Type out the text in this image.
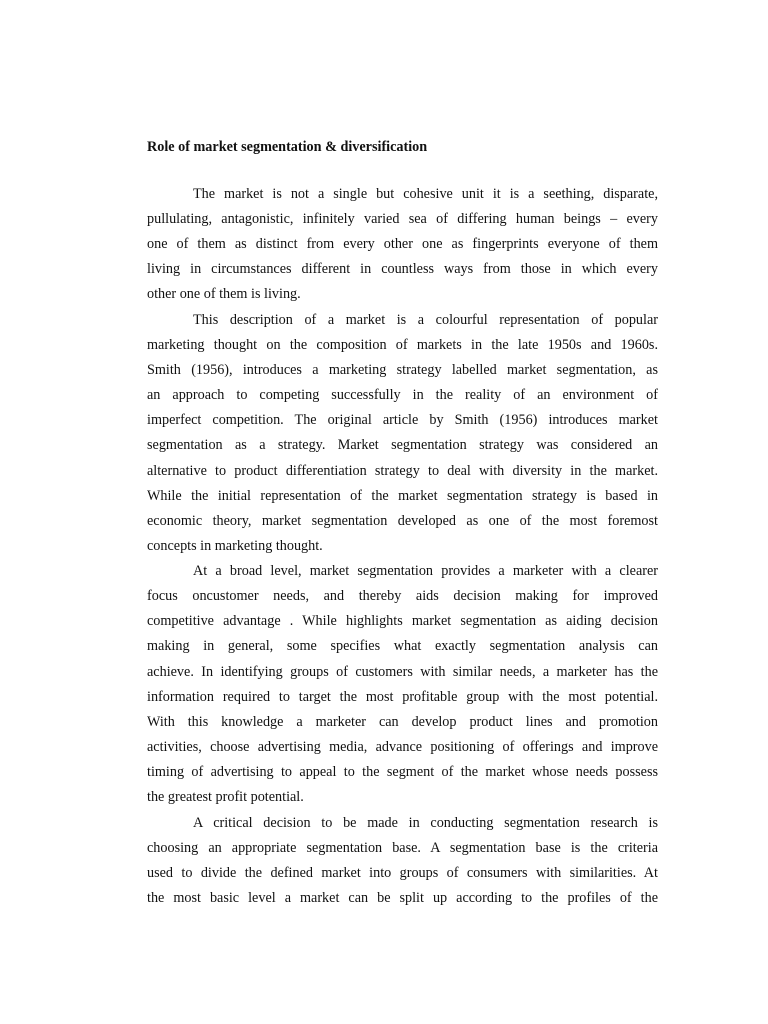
Role of market segmentation & diversification
The market is not a single but cohesive unit it is a seething, disparate,
pullulating, antagonistic, infinitely varied sea of differing human beings – every
one of them as distinct from every other one as fingerprints everyone of them
living in circumstances different in countless ways from those in which every
other one of them is living.
This description of a market is a colourful representation of popular
marketing thought on the composition of markets in the late 1950s and 1960s.
Smith (1956), introduces a marketing strategy labelled market segmentation, as
an approach to competing successfully in the reality of an environment of
imperfect competition. The original article by Smith (1956) introduces market
segmentation as a strategy. Market segmentation strategy was considered an
alternative to product differentiation strategy to deal with diversity in the market.
While the initial representation of the market segmentation strategy is based in
economic theory, market segmentation developed as one of the most foremost
concepts in marketing thought.
At a broad level, market segmentation provides a marketer with a clearer
focus oncustomer needs, and thereby aids decision making for improved
competitive advantage . While highlights market segmentation as aiding decision
making in general, some specifies what exactly segmentation analysis can
achieve. In identifying groups of customers with similar needs, a marketer has the
information required to target the most profitable group with the most potential.
With this knowledge a marketer can develop product lines and promotion
activities, choose advertising media, advance positioning of offerings and improve
timing of advertising to appeal to the segment of the market whose needs possess
the greatest profit potential.
A critical decision to be made in conducting segmentation research is
choosing an appropriate segmentation base. A segmentation base is the criteria
used to divide the defined market into groups of consumers with similarities. At
the most basic level a market can be split up according to the profiles of the
